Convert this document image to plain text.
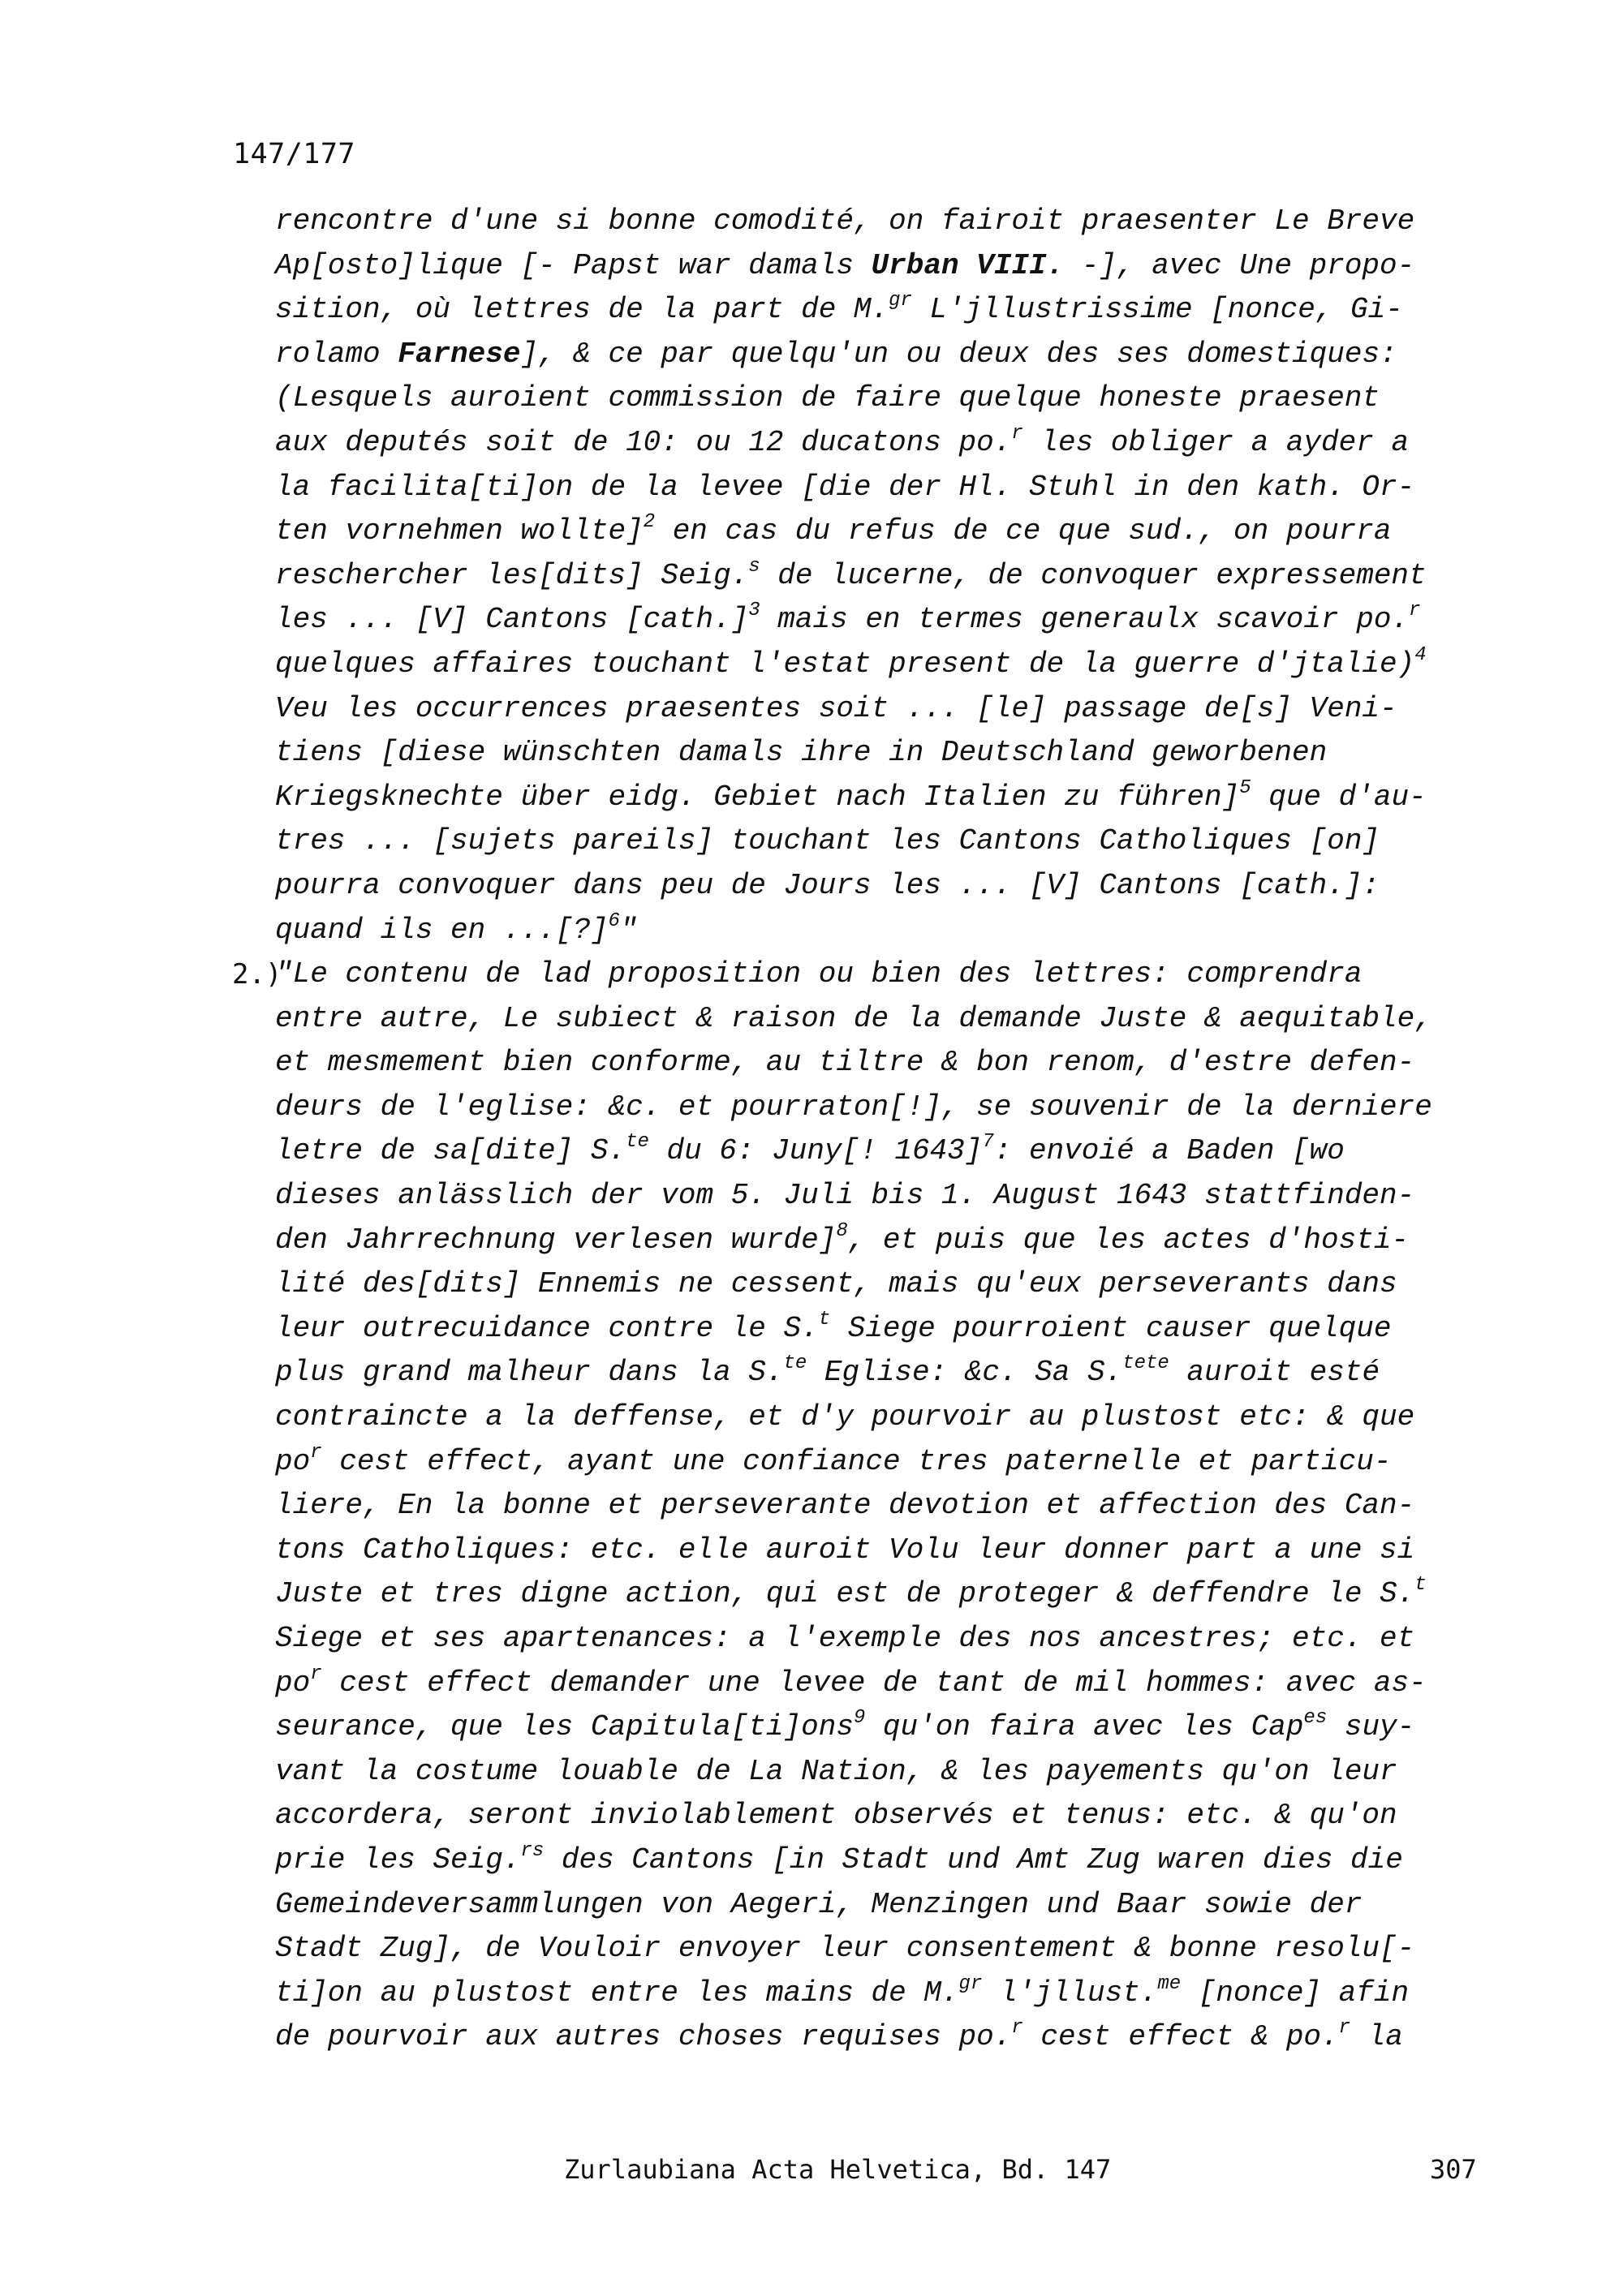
147/177
rencontre d'une si bonne comodité, on fairoit praesenter Le Breve
Ap[osto]lique [- Papst war damals Urban VIII. -], avec Une propo-
sition, où lettres de la part de M.$^{gr}$ L'jllustrissime [nonce, Gi-
rolamo Farnese], & ce par quelqu'un ou deux des ses domestiques:
(Lesquels auroient commission de faire quelque honeste praesent
aux deputés soit de 10: ou 12 ducatons po.$^r$ les obliger a ayder a
la facilita[ti]on de la levee [die der Hl. Stuhl in den kath. Or-
ten vornehmen wollte]$^2$ en cas du refus de ce que sud., on pourra
reschercher les[dits] Seig.$^s$ de lucerne, de convoquer expressement
les ... [V] Cantons [cath.]$^3$ mais en termes generaulx scavoir po.$^r$
quelques affaires touchant l'estat present de la guerre d'jtalie)$^4$
Veu les occurrences praesentes soit ... [le] passage de[s] Veni-
tiens [diese wünschten damals ihre in Deutschland geworbenen
Kriegsknechte über eidg. Gebiet nach Italien zu führen]$^5$ que d'au-
tres ... [sujets pareils] touchant les Cantons Catholiques [on]
pourra convoquer dans peu de Jours les ... [V] Cantons [cath.]:
quand ils en ...[?]$^6$"
2.)
"Le contenu de lad proposition ou bien des lettres: comprendra
entre autre, Le subiect & raison de la demande Juste & aequitable,
et mesmement bien conforme, au tiltre & bon renom, d'estre defen-
deurs de l'eglise: &c. et pourraton[!], se souvenir de la derniere
letre de sa[dite] S.$^{te}$ du 6: Juny[! 1643]$^7$: envoié a Baden [wo
dieses anlässlich der vom 5. Juli bis 1. August 1643 stattfinden-
den Jahrrechnung verlesen wurde]$^8$, et puis que les actes d'hosti-
lité des[dits] Ennemis ne cessent, mais qu'eux perseverants dans
leur outrecuidance contre le S.$^t$ Siege pourroient causer quelque
plus grand malheur dans la S.$^{te}$ Eglise: &c. Sa S.$^{tete}$ auroit esté
contraincte a la deffense, et d'y pourvoir au plustost etc: & que
$po^r$ cest effect, ayant une confiance tres paternelle et particu-
liere, En la bonne et perseverante devotion et affection des Can-
tons Catholiques: etc. elle auroit Volu leur donner part a une si
Juste et tres digne action, qui est de proteger & deffendre le S.$^t$
Siege et ses apartenances: a l'exemple des nos ancestres; etc. et
$po^r$ cest effect demander une levee de tant de mil hommes: avec as-
seurance, que les Capitula[ti]ons$^9$ qu'on faira avec les Cap$^{es}$ suy-
vant la costume louable de La Nation, & les payements qu'on leur
accordera, seront inviolablement observés et tenus: etc. & qu'on
prie les Seig.$^{rs}$ des Cantons [in Stadt und Amt Zug waren dies die
Gemeindeversammlungen von Aegeri, Menzingen und Baar sowie der
Stadt Zug], de Vouloir envoyer leur consentement & bonne resolu[-
ti]on au plustost entre les mains de M.$^{gr}$ l'jllust.$^{me}$ [nonce] afin
de pourvoir aux autres choses requises po.$^r$ cest effect & po.$^r$ la
Zurlaubiana Acta Helvetica, Bd. 147	307
